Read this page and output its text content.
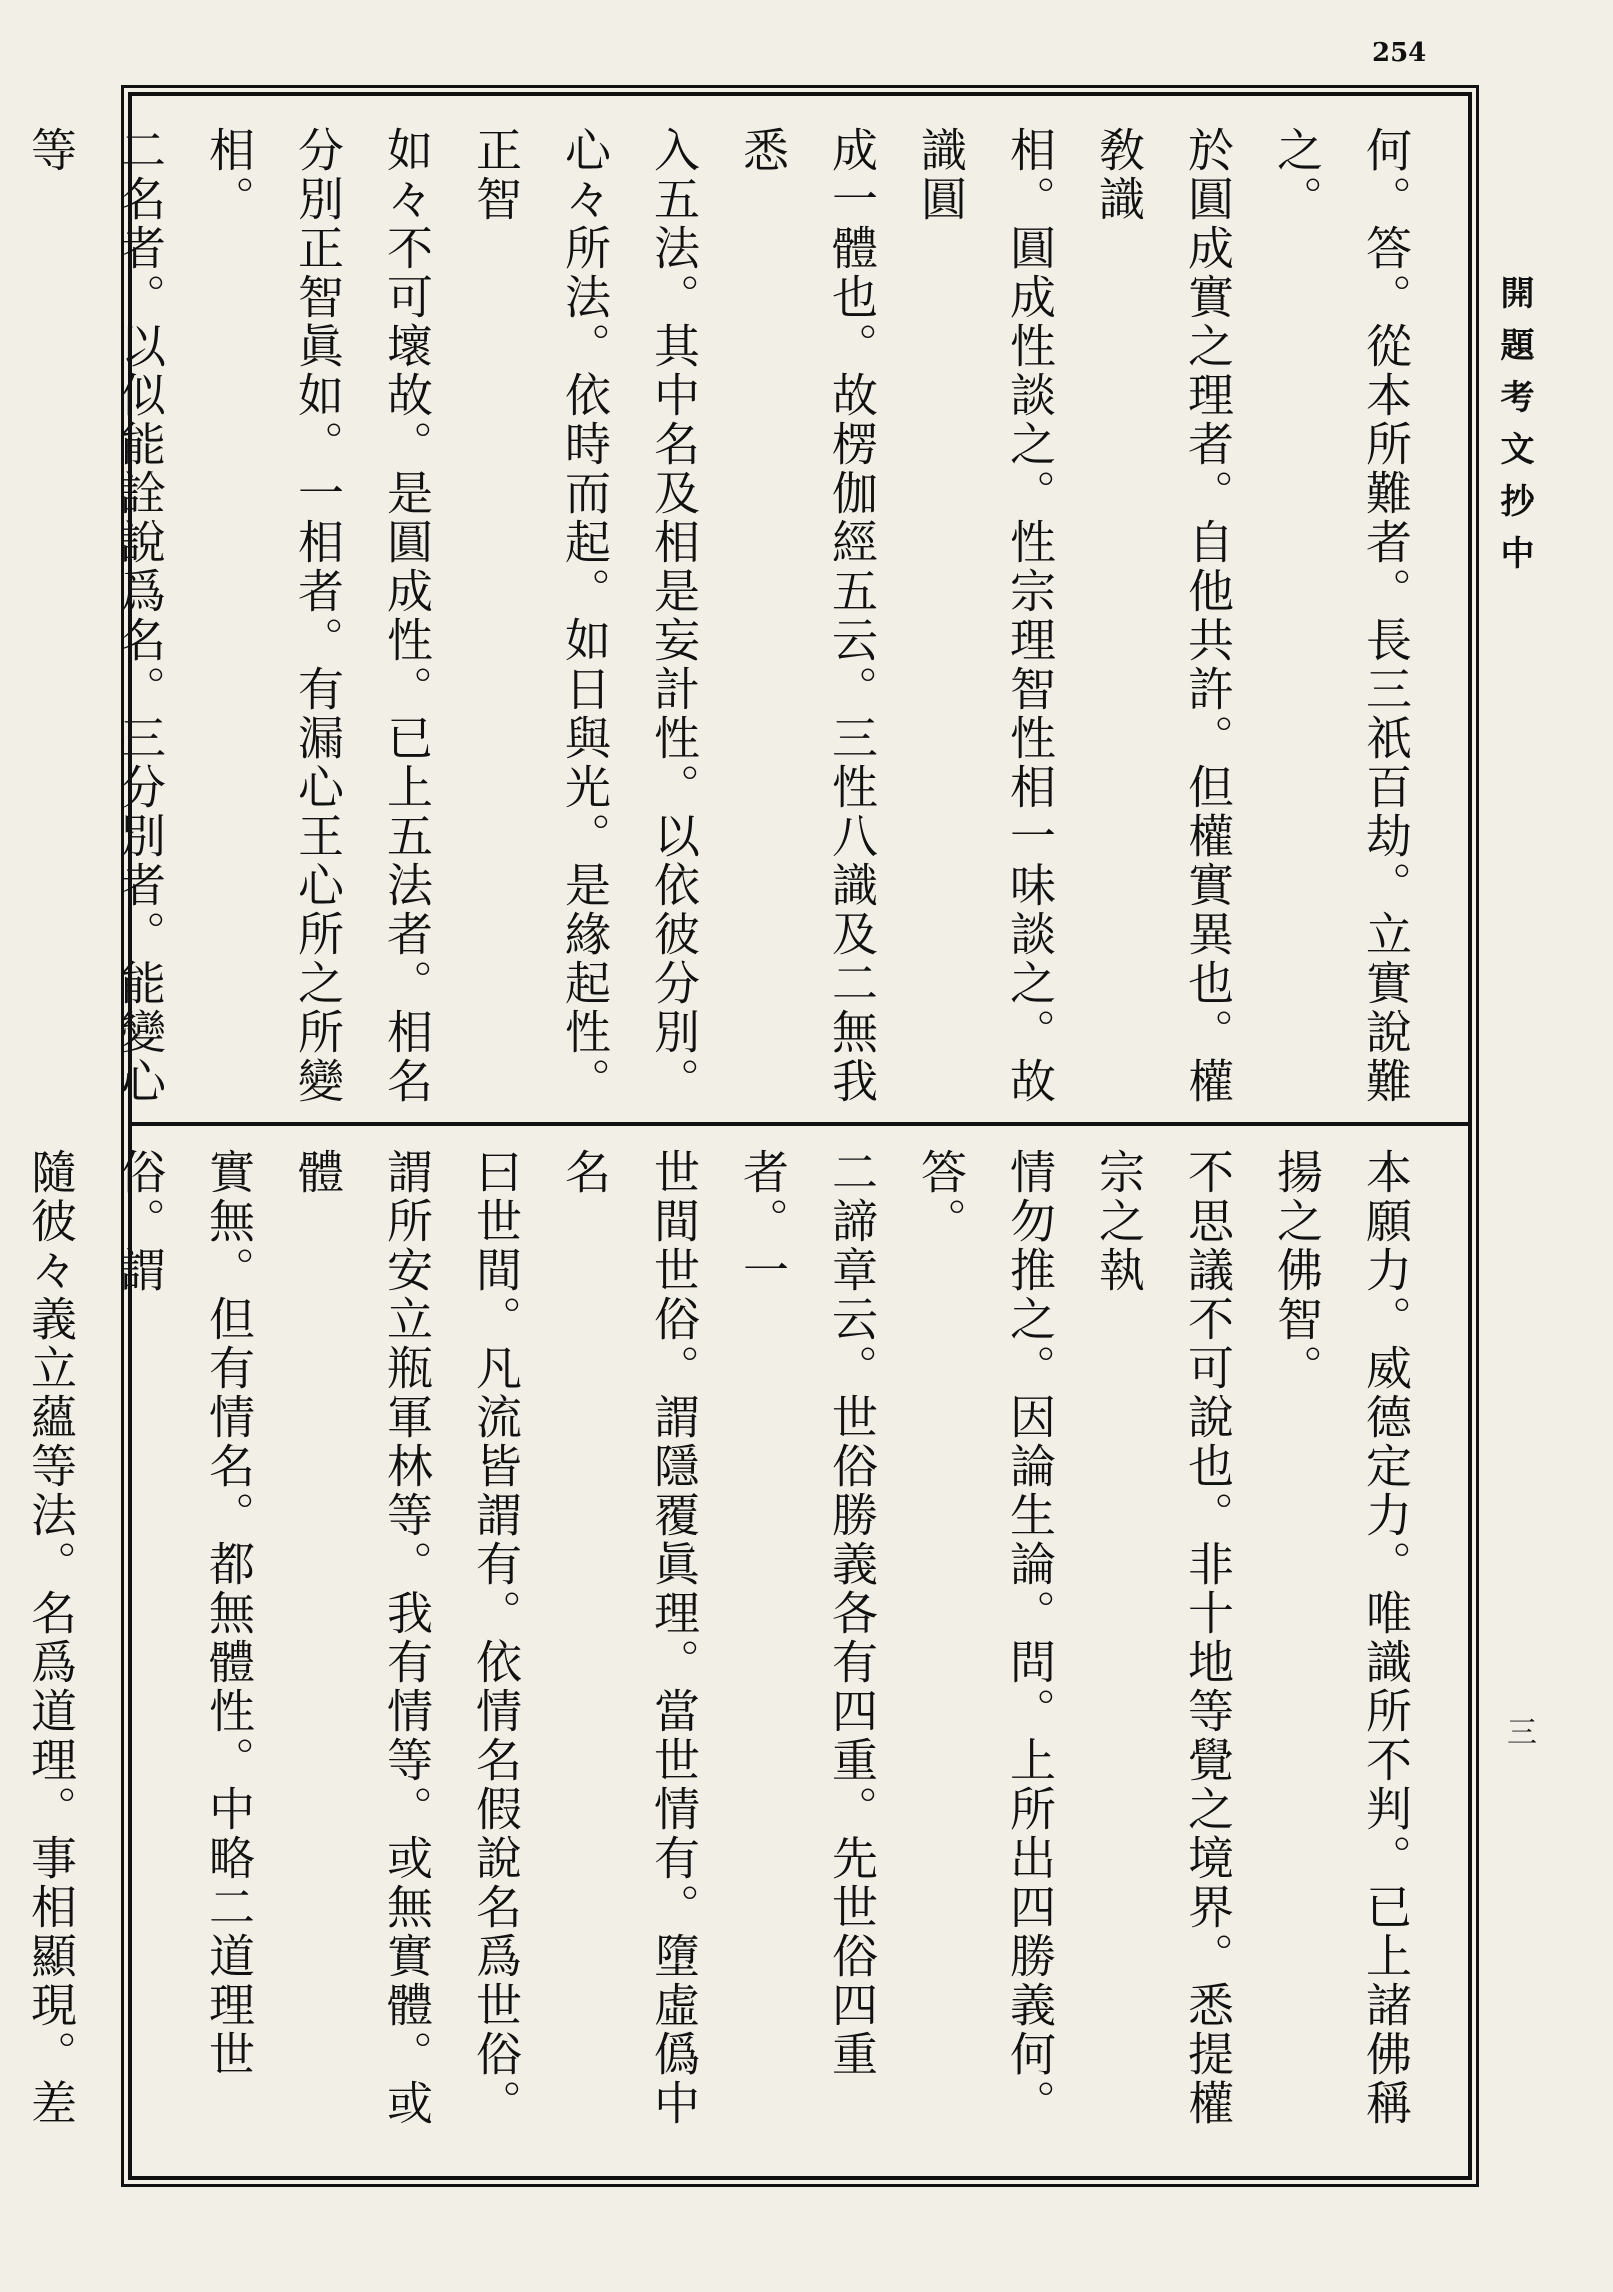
254
何。答。從本所難者。長三祇百劫。立實說難之。
於圓成實之理者。自他共許。但權實異也。權敎識
相。圓成性談之。性宗理智性相一味談之。故識圓
成一體也。故楞伽經五云。三性八識及二無我悉
入五法。其中名及相是妄計性。以依彼分別。
心々所法。依時而起。如日與光。是緣起性。正智
如々不可壞故。是圓成性。已上五法者。相名
分別正智眞如。一相者。有漏心王心所之所變相。
二名者。以似能詮說爲名。三分別者。能變心等
本願力。威德定力。唯識所不判。已上諸佛稱揚之佛智。
不思議不可說也。非十地等覺之境界。悉提權宗之執
情勿推之。因論生論。問。上所出四勝義何。答。
二諦章云。世俗勝義各有四重。先世俗四重者。一
世間世俗。謂隱覆眞理。當世情有。墮虛僞中名
曰世間。凡流皆謂有。依情名假說名爲世俗。
謂所安立瓶軍林等。我有情等。或無實體。或體
實無。但有情名。都無體性。中略二道理世俗。謂
隨彼々義立蘊等法。名爲道理。事相顯現。差
開題考文抄中
三
